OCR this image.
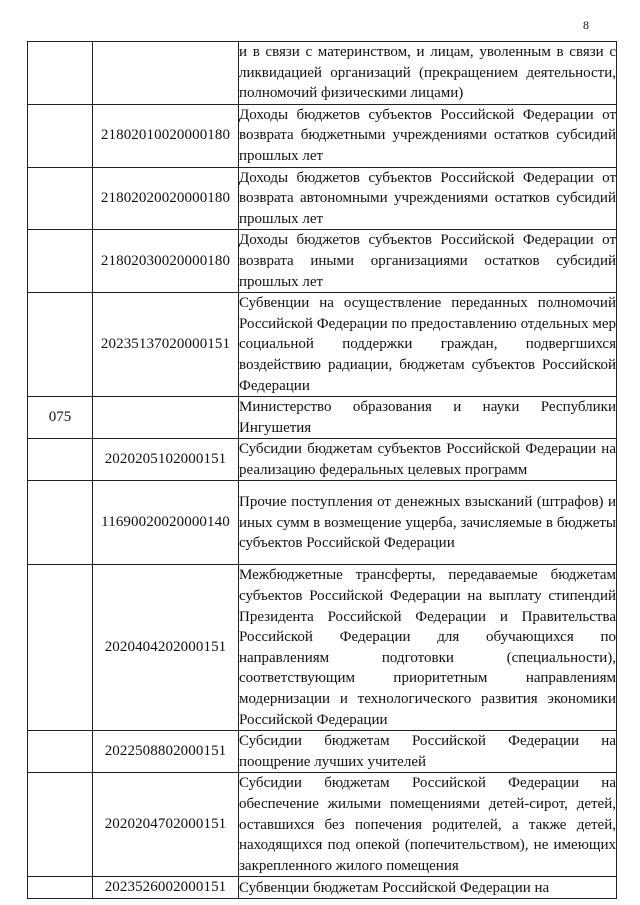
8
		и в связи с материнством, и лицам, уволенным в связи с ликвидацией организаций (прекращением деятельности, полномочий физическими лицами)
	21802010020000180	Доходы бюджетов субъектов Российской Федерации от возврата бюджетными учреждениями остатков субсидий прошлых лет
	21802020020000180	Доходы бюджетов субъектов Российской Федерации от возврата автономными учреждениями остатков субсидий прошлых лет
	21802030020000180	Доходы бюджетов субъектов Российской Федерации от возврата иными организациями остатков субсидий прошлых лет
	20235137020000151	Субвенции на осуществление переданных полномочий Российской Федерации по предоставлению отдельных мер социальной поддержки граждан, подвергшихся воздействию радиации, бюджетам субъектов Российской Федерации
075		Министерство образования и науки Республики Ингушетия
	2020205102000151	Субсидии бюджетам субъектов Российской Федерации на реализацию федеральных целевых программ
	11690020020000140	Прочие поступления от денежных взысканий (штрафов) и иных сумм в возмещение ущерба, зачисляемые в бюджеты субъектов Российской Федерации
	2020404202000151	Межбюджетные трансферты, передаваемые бюджетам субъектов Российской Федерации на выплату стипендий Президента Российской Федерации и Правительства Российской Федерации для обучающихся по направлениям подготовки (специальности), соответствующим приоритетным направлениям модернизации и технологического развития экономики Российской Федерации
	2022508802000151	Субсидии бюджетам Российской Федерации на поощрение лучших учителей
	2020204702000151	Субсидии бюджетам Российской Федерации на обеспечение жилыми помещениями детей-сирот, детей, оставшихся без попечения родителей, а также детей, находящихся под опекой (попечительством), не имеющих закрепленного жилого помещения
	2023526002000151	Субвенции бюджетам Российской Федерации на
